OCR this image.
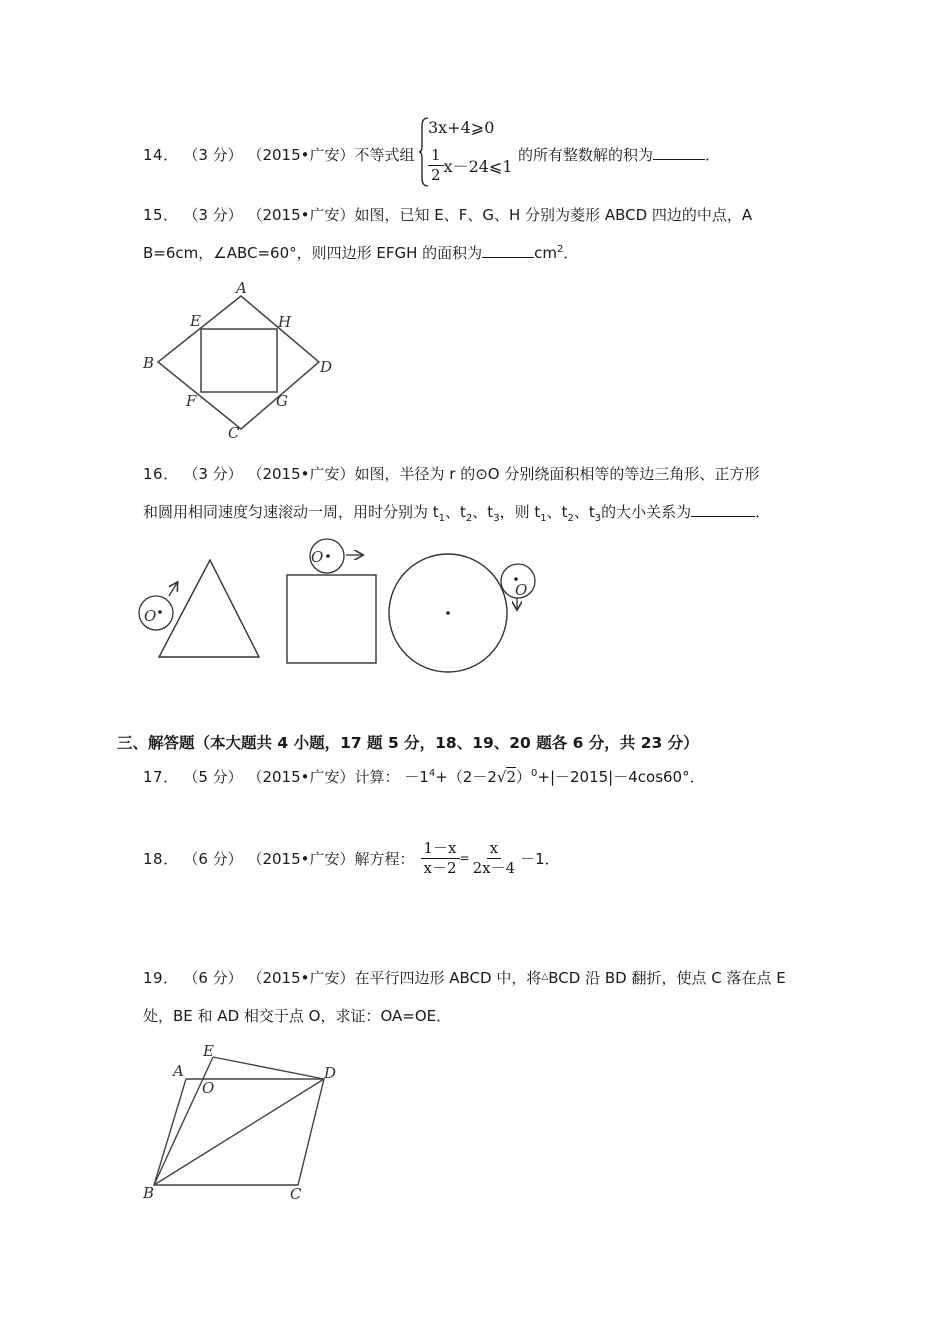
14． （3 分） （2015•广安）不等式组
3x+4⩾0
$\frac{1}{2}$ x－24⩽1
的所有整数解的积为	．
15． （3 分） （2015•广安）如图，已知 E、F、G、H 分别为菱形 ABCD 四边的中点，A
B=6cm，∠ABC=60°，则四边形 EFGH 的面积为	$cm^2$．
A
B
C
D
E
F	G
H
16． （3 分） （2015•广安）如图，半径为 r 的⊙O 分别绕面积相等的等边三角形、正方形
和圆用相同速度匀速滚动一周，用时分别为 $t_1$、$t_2$、$t_3$，则 $t_1$、$t_2$、$t_3$的大小关系为	．
O
O
O
三、解答题（本大题共 4 小题，17 题 5 分，18、19、20 题各 6 分，共 23 分）
17． （5 分） （2015•广安）计算： $-1^4+(2-2√2)^0+|-2015|-4\cos 60^\circ$．
18．
（6 分）
（2015•广安） 解方程： $\frac{1-x}{x-2} = \frac{x}{2x-4} -1$．
19． （6 分） （2015•广安）在平行四边形 ABCD 中，将△BCD 沿 BD 翻折，使点 C 落在点 E
处，BE 和 AD 相交于点 O，求证：OA=OE．
A
B	C
D
E
O
